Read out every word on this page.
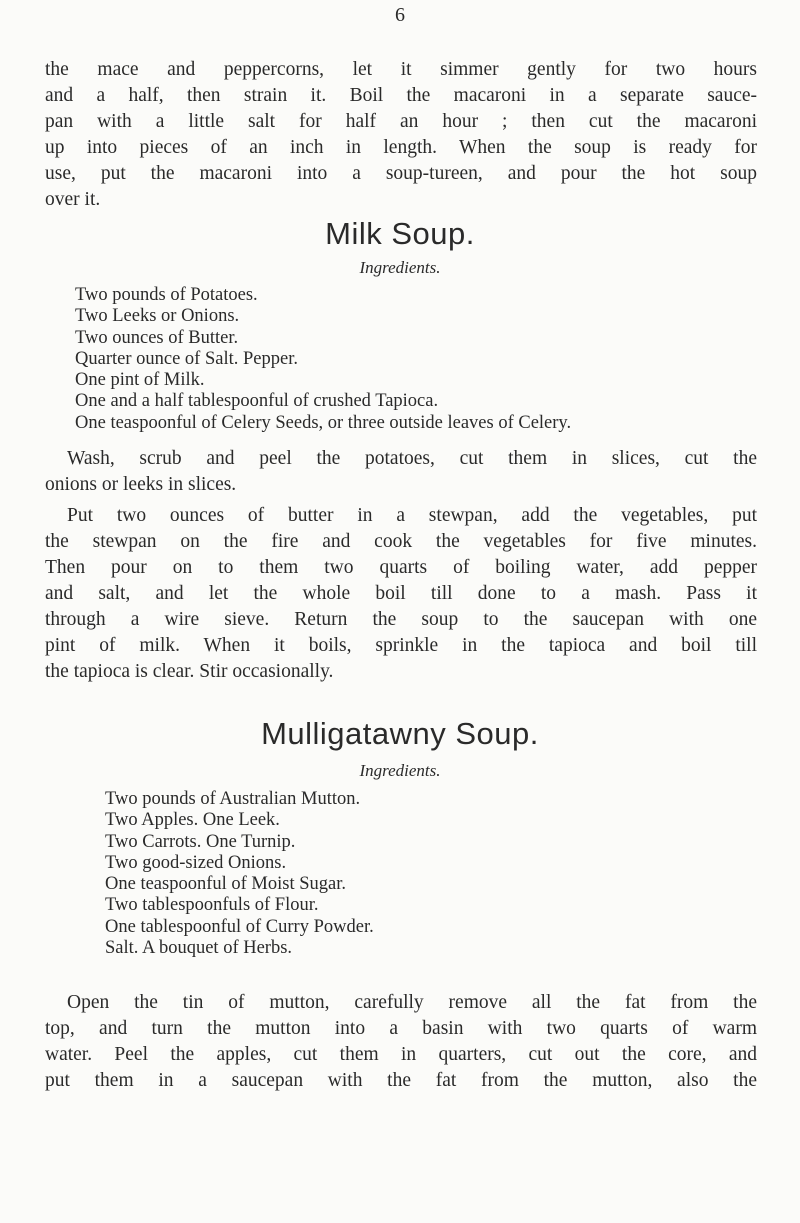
6
the mace and peppercorns, let it simmer gently for two hours
and a half, then strain it. Boil the macaroni in a separate sauce-
pan with a little salt for half an hour ; then cut the macaroni
up into pieces of an inch in length. When the soup is ready for
use, put the macaroni into a soup-tureen, and pour the hot soup
over it.
Milk Soup.
Ingredients.
Two pounds of Potatoes.
Two Leeks or Onions.
Two ounces of Butter.
Quarter ounce of Salt. Pepper.
One pint of Milk.
One and a half tablespoonful of crushed Tapioca.
One teaspoonful of Celery Seeds, or three outside leaves of Celery.
Wash, scrub and peel the potatoes, cut them in slices, cut the
onions or leeks in slices.
Put two ounces of butter in a stewpan, add the vegetables, put
the stewpan on the fire and cook the vegetables for five minutes.
Then pour on to them two quarts of boiling water, add pepper
and salt, and let the whole boil till done to a mash. Pass it
through a wire sieve. Return the soup to the saucepan with one
pint of milk. When it boils, sprinkle in the tapioca and boil till
the tapioca is clear. Stir occasionally.
Mulligatawny Soup.
Ingredients.
Two pounds of Australian Mutton.
Two Apples. One Leek.
Two Carrots. One Turnip.
Two good-sized Onions.
One teaspoonful of Moist Sugar.
Two tablespoonfuls of Flour.
One tablespoonful of Curry Powder.
Salt. A bouquet of Herbs.
Open the tin of mutton, carefully remove all the fat from the
top, and turn the mutton into a basin with two quarts of warm
water. Peel the apples, cut them in quarters, cut out the core, and
put them in a saucepan with the fat from the mutton, also the
